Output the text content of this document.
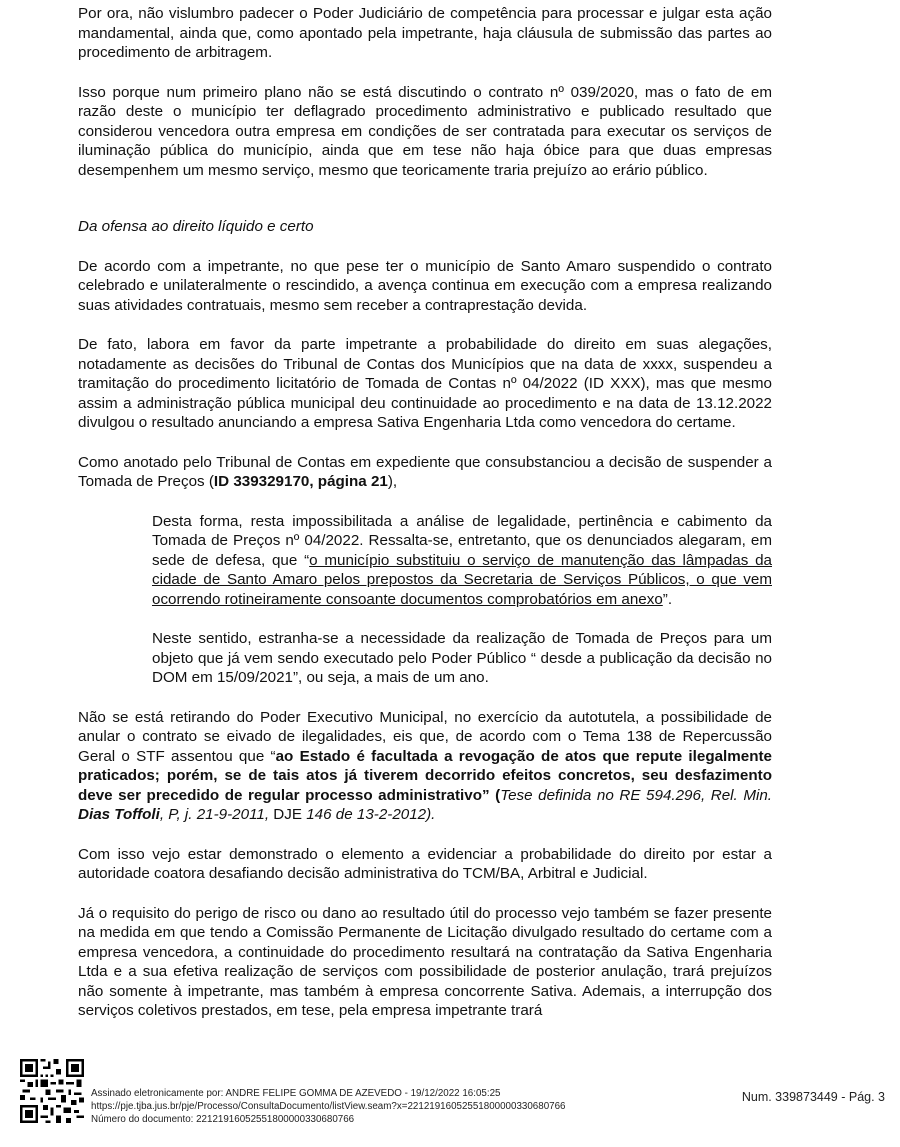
Por ora, não vislumbro padecer o Poder Judiciário de competência para processar e julgar esta ação mandamental, ainda que, como apontado pela impetrante, haja cláusula de submissão das partes ao procedimento de arbitragem.

Isso porque num primeiro plano não se está discutindo o contrato nº 039/2020, mas o fato de em razão deste o município ter deflagrado procedimento administrativo e publicado resultado que considerou vencedora outra empresa em condições de ser contratada para executar os serviços de iluminação pública do município, ainda que em tese não haja óbice para que duas empresas desempenhem um mesmo serviço, mesmo que teoricamente traria prejuízo ao erário público.

Da ofensa ao direito líquido e certo

De acordo com a impetrante, no que pese ter o município de Santo Amaro suspendido o contrato celebrado e unilateralmente o rescindido, a avença continua em execução com a empresa realizando suas atividades contratuais, mesmo sem receber a contraprestação devida.

De fato, labora em favor da parte impetrante a probabilidade do direito em suas alegações, notadamente as decisões do Tribunal de Contas dos Municípios que na data de xxxx, suspendeu a tramitação do procedimento licitatório de Tomada de Contas nº 04/2022 (ID XXX), mas que mesmo assim a administração pública municipal deu continuidade ao procedimento e na data de 13.12.2022 divulgou o resultado anunciando a empresa Sativa Engenharia Ltda como vencedora do certame.

Como anotado pelo Tribunal de Contas em expediente que consubstanciou a decisão de suspender a Tomada de Preços (ID 339329170, página 21),

Desta forma, resta impossibilitada a análise de legalidade, pertinência e cabimento da Tomada de Preços nº 04/2022. Ressalta-se, entretanto, que os denunciados alegaram, em sede de defesa, que “o município substituiu o serviço de manutenção das lâmpadas da cidade de Santo Amaro pelos prepostos da Secretaria de Serviços Públicos, o que vem ocorrendo rotineiramente consoante documentos comprobatórios em anexo”.

Neste sentido, estranha-se a necessidade da realização de Tomada de Preços para um objeto que já vem sendo executado pelo Poder Público “ desde a publicação da decisão no DOM em 15/09/2021”, ou seja, a mais de um ano.

Não se está retirando do Poder Executivo Municipal, no exercício da autotutela, a possibilidade de anular o contrato se eivado de ilegalidades, eis que, de acordo com o Tema 138 de Repercussão Geral o STF assentou que “ao Estado é facultada a revogação de atos que repute ilegalmente praticados; porém, se de tais atos já tiverem decorrido efeitos concretos, seu desfazimento deve ser precedido de regular processo administrativo” (Tese definida no RE 594.296, Rel. Min. Dias Toffoli, P, j. 21-9-2011, DJE 146 de 13-2-2012).

Com isso vejo estar demonstrado o elemento a evidenciar a probabilidade do direito por estar a autoridade coatora desafiando decisão administrativa do TCM/BA, Arbitral e Judicial.

Já o requisito do perigo de risco ou dano ao resultado útil do processo vejo também se fazer presente na medida em que tendo a Comissão Permanente de Licitação divulgado resultado do certame com a empresa vencedora, a continuidade do procedimento resultará na contratação da Sativa Engenharia Ltda e a sua efetiva realização de serviços com possibilidade de posterior anulação, trará prejuízos não somente à impetrante, mas também à empresa concorrente Sativa. Ademais, a interrupção dos serviços coletivos prestados, em tese, pela empresa impetrante trará

Assinado eletronicamente por: ANDRE FELIPE GOMMA DE AZEVEDO - 19/12/2022 16:05:25
https://pje.tjba.jus.br/pje/Processo/ConsultaDocumento/listView.seam?x=22121916052551800000330680766
Número do documento: 22121916052551800000330680766
Num. 339873449 - Pág. 3
